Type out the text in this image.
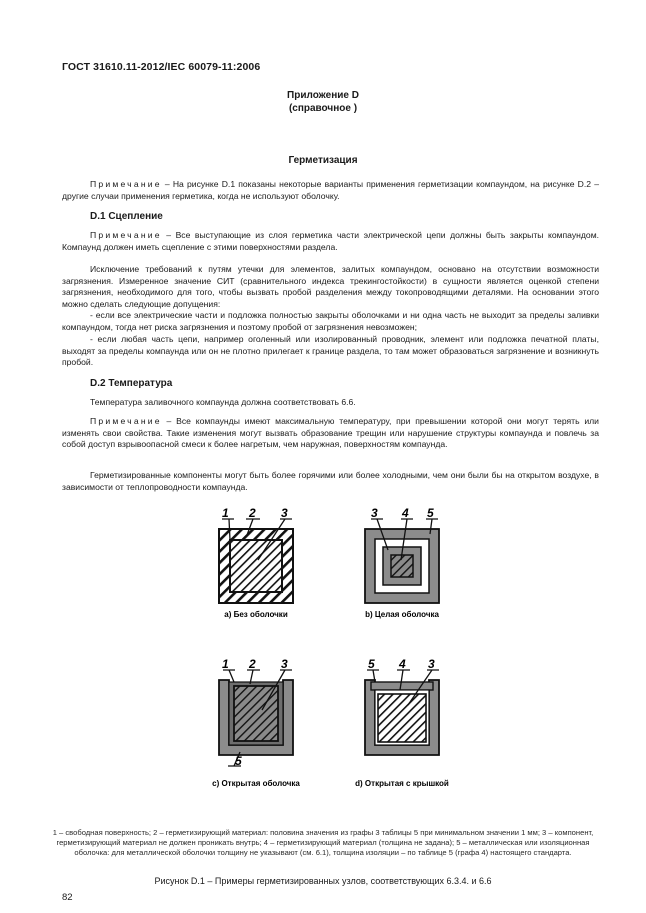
ГОСТ 31610.11-2012/IEC 60079-11:2006
Приложение D
(справочное )
Герметизация
Примечание – На рисунке D.1 показаны некоторые варианты применения герметизации компаундом, на рисунке D.2 – другие случаи применения герметика, когда не используют оболочку.
D.1 Сцепление
Примечание – Все выступающие из слоя герметика части электрической цепи должны быть закрыты компаундом. Компаунд должен иметь сцепление с этими поверхностями раздела.
Исключение требований к путям утечки для элементов, залитых компаундом, основано на отсутствии возможности загрязнения. Измеренное значение СИТ (сравнительного индекса трекингостойкости) в сущности является оценкой степени загрязнения, необходимого для того, чтобы вызвать пробой разделения между токопроводящими деталями. На основании этого можно сделать следующие допущения:
- если все электрические части и подложка полностью закрыты оболочками и ни одна часть не выходит за пределы заливки компаундом, тогда нет риска загрязнения и поэтому пробой от загрязнения невозможен;
- если любая часть цепи, например оголенный или изолированный проводник, элемент или подложка печатной платы, выходят за пределы компаунда или он не плотно прилегает к границе раздела, то там может образоваться загрязнение и возникнуть пробой.
D.2 Температура
Температура заливочного компаунда должна соответствовать 6.6.
Примечание – Все компаунды имеют максимальную температуру, при превышении которой они могут терять или изменять свои свойства. Такие изменения могут вызвать образование трещин или нарушение структуры компаунда и повлечь за собой доступ взрывоопасной смеси к более нагретым, чем наружная, поверхностям компаунда.
Герметизированные компоненты могут быть более горячими или более холодными, чем они были бы на открытом воздухе, в зависимости от теплопроводности компаунда.
1 2 3
a) Без оболочки
3 4 5
b) Целая оболочка
1 2 3
5
c) Открытая оболочка
5 4 3
d) Открытая с крышкой
1 – свободная поверхность; 2 – герметизирующий материал: половина значения из графы 3 таблицы 5 при минимальном значении 1 мм; 3 – компонент, герметизирующий материал не должен проникать внутрь; 4 – герметизирующий материал (толщина не задана); 5 – металлическая или изоляционная оболочка: для металлической оболочки толщину не указывают (см. 6.1), толщина изоляции – по таблице 5 (графа 4) настоящего стандарта.
Рисунок D.1 – Примеры герметизированных узлов, соответствующих 6.3.4. и 6.6
82
